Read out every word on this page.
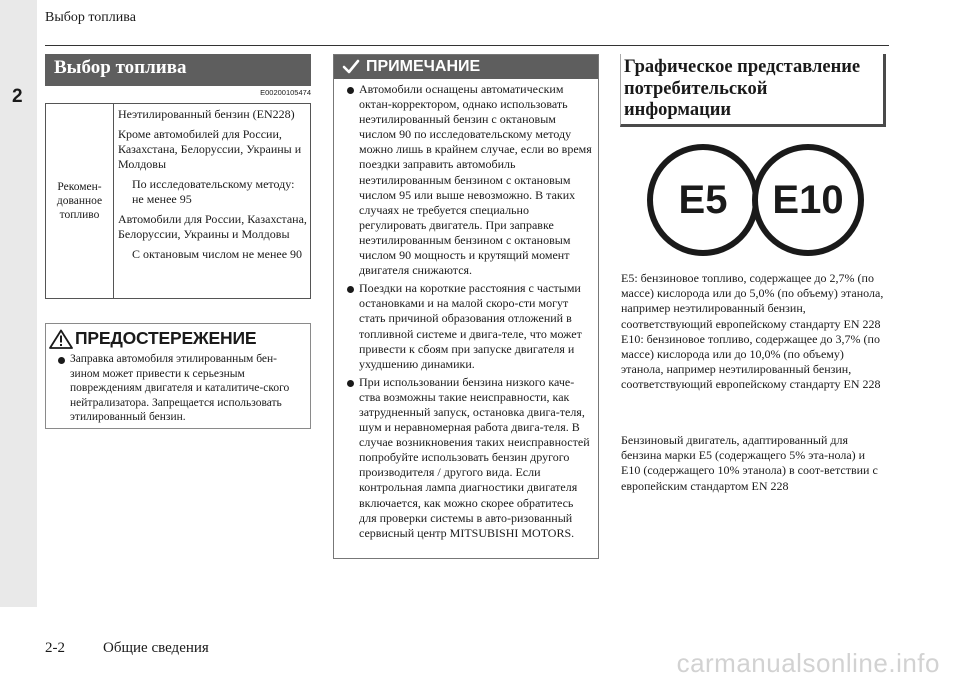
2
Выбор топлива
Выбор топлива
E00200105474
Рекомен-дованное топливо

Неэтилированный бензин (EN228)

Кроме автомобилей для России, Казахстана, Белоруссии, Украины и Молдовы

По исследовательскому методу: не менее 95

Автомобили для России, Казахстана, Белоруссии, Украины и Молдовы

С октановым числом не менее 90

ПРЕДОСТЕРЕЖЕНИЕ
Заправка автомобиля этилированным бен-зином может привести к серьезным повреждениям двигателя и каталитиче-ского нейтрализатора. Запрещается использовать этилированный бензин.
ПРИМЕЧАНИЕ
Автомобили оснащены автоматическим октан-корректором, однако использовать неэтилированный бензин с октановым числом 90 по исследовательскому методу можно лишь в крайнем случае, если во время поездки заправить автомобиль неэтилированным бензином с октановым числом 95 или выше невозможно. В таких случаях не требуется специально регулировать двигатель. При заправке неэтилированным бензином с октановым числом 90 мощность и крутящий момент двигателя снижаются.
Поездки на короткие расстояния с частыми остановками и на малой скоро-сти могут стать причиной образования отложений в топливной системе и двига-теле, что может привести к сбоям при запуске двигателя и ухудшению динамики.
При использовании бензина низкого каче-ства возможны такие неисправности, как затрудненный запуск, остановка двига-теля, шум и неравномерная работа двига-теля. В случае возникновения таких неисправностей попробуйте использовать бензин другого производителя / другого вида. Если контрольная лампа диагностики двигателя включается, как можно скорее обратитесь для проверки системы в авто-ризованный сервисный центр MITSUBISHI MOTORS.
Графическое представление потребительской информации
E5	E10

E5: бензиновое топливо, содержащее до 2,7% (по массе) кислорода или до 5,0% (по объему) этанола, например неэтилированный бензин, соответствующий европейскому стандарту EN 228

E10: бензиновое топливо, содержащее до 3,7% (по массе) кислорода или до 10,0% (по объему) этанола, например неэтилированный бензин, соответствующий европейскому стандарту EN 228

Бензиновый двигатель, адаптированный для бензина марки E5 (содержащего 5% эта-нола) и E10 (содержащего 10% этанола) в соот-ветствии с европейским стандартом EN 228
2-2	Общие сведения	carmanualsonline.info
